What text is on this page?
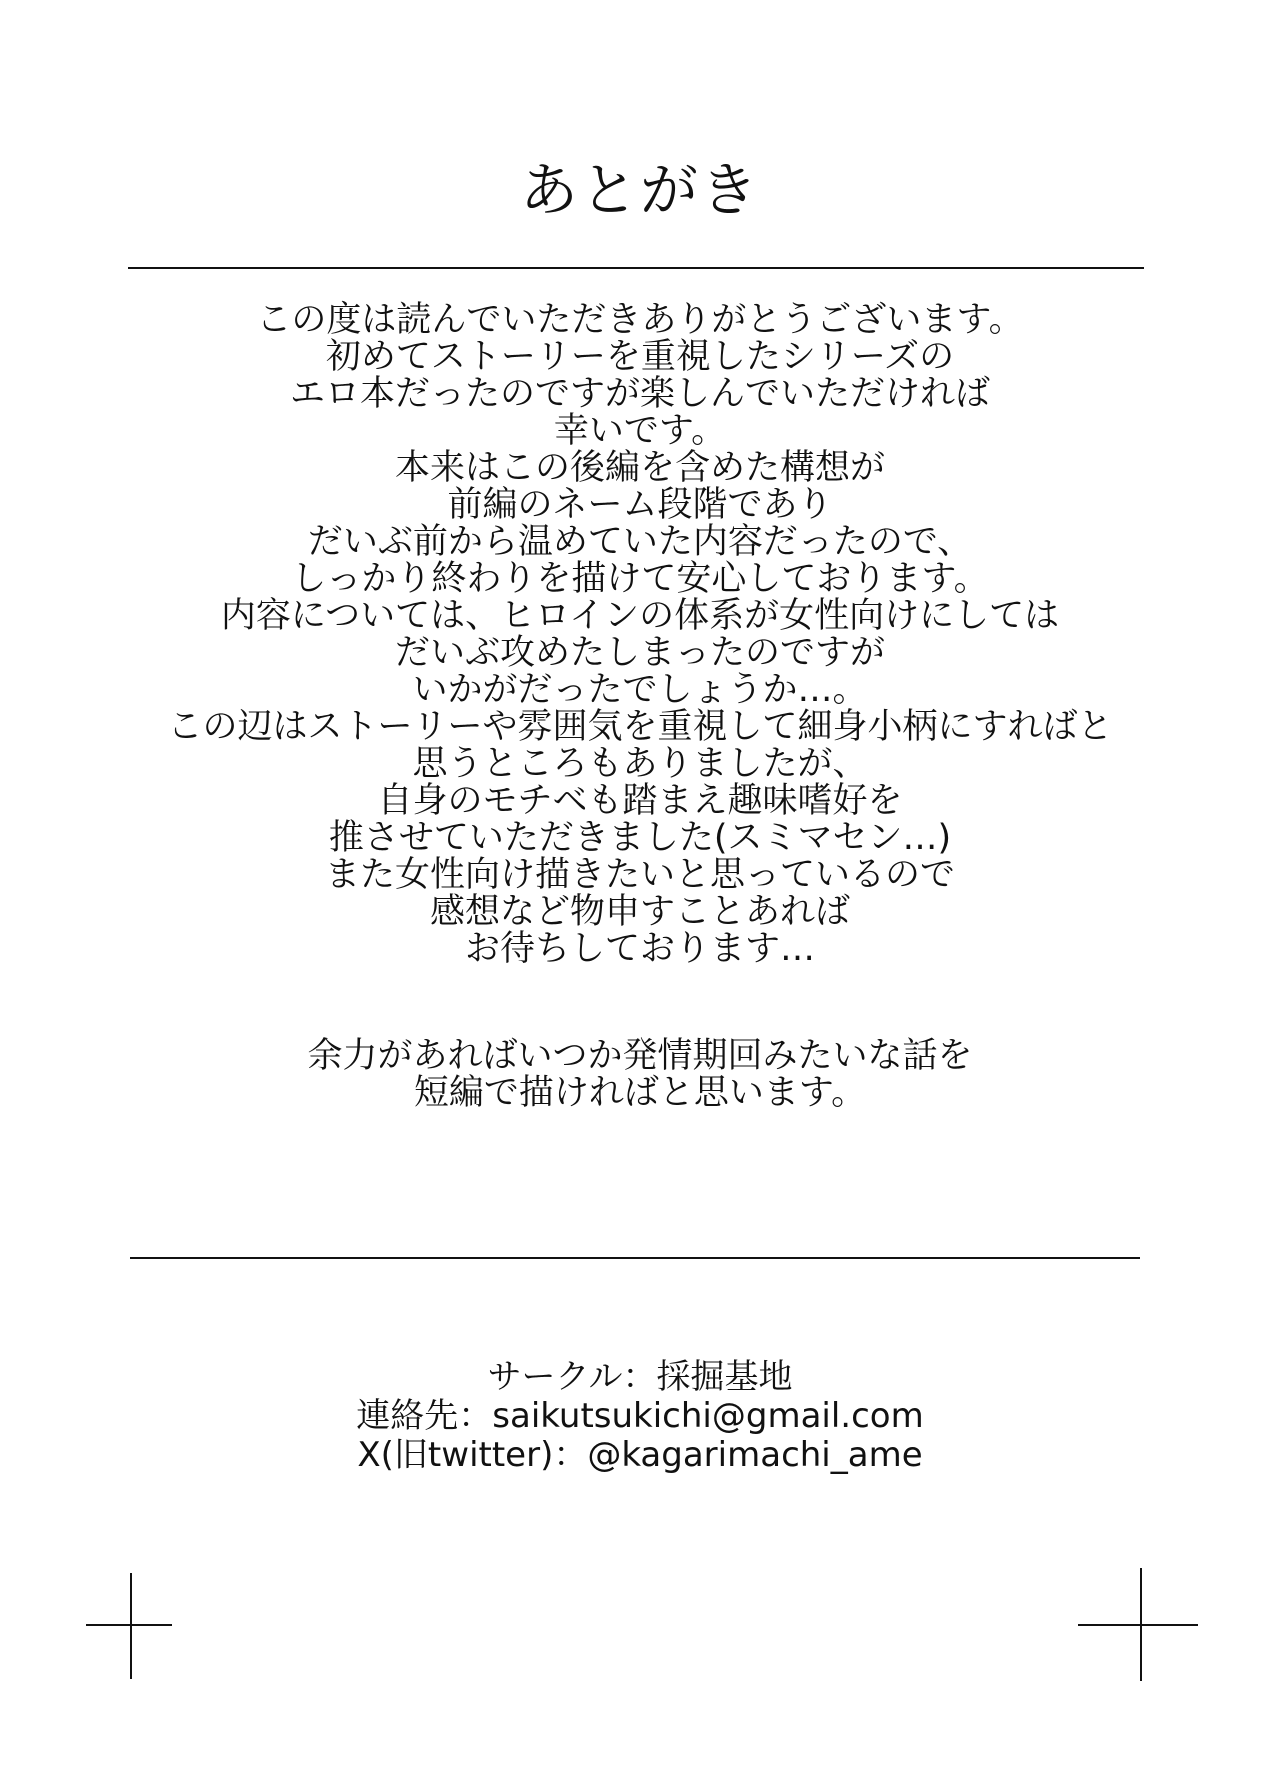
あとがき
この度は読んでいただきありがとうございます。
初めてストーリーを重視したシリーズの
エロ本だったのですが楽しんでいただければ
幸いです。
本来はこの後編を含めた構想が
前編のネーム段階であり
だいぶ前から温めていた内容だったので、
しっかり終わりを描けて安心しております。
内容については、ヒロインの体系が女性向けにしては
だいぶ攻めたしまったのですが
いかがだったでしょうか…。
この辺はストーリーや雰囲気を重視して細身小柄にすればと
思うところもありましたが、
自身のモチベも踏まえ趣味嗜好を
推させていただきました(スミマセン…)
また女性向け描きたいと思っているので
感想など物申すことあれば
お待ちしております…
余力があればいつか発情期回みたいな話を
短編で描ければと思います。
サークル：採掘基地
連絡先：saikutsukichi@gmail.com
X(旧twitter)：@kagarimachi_ame
